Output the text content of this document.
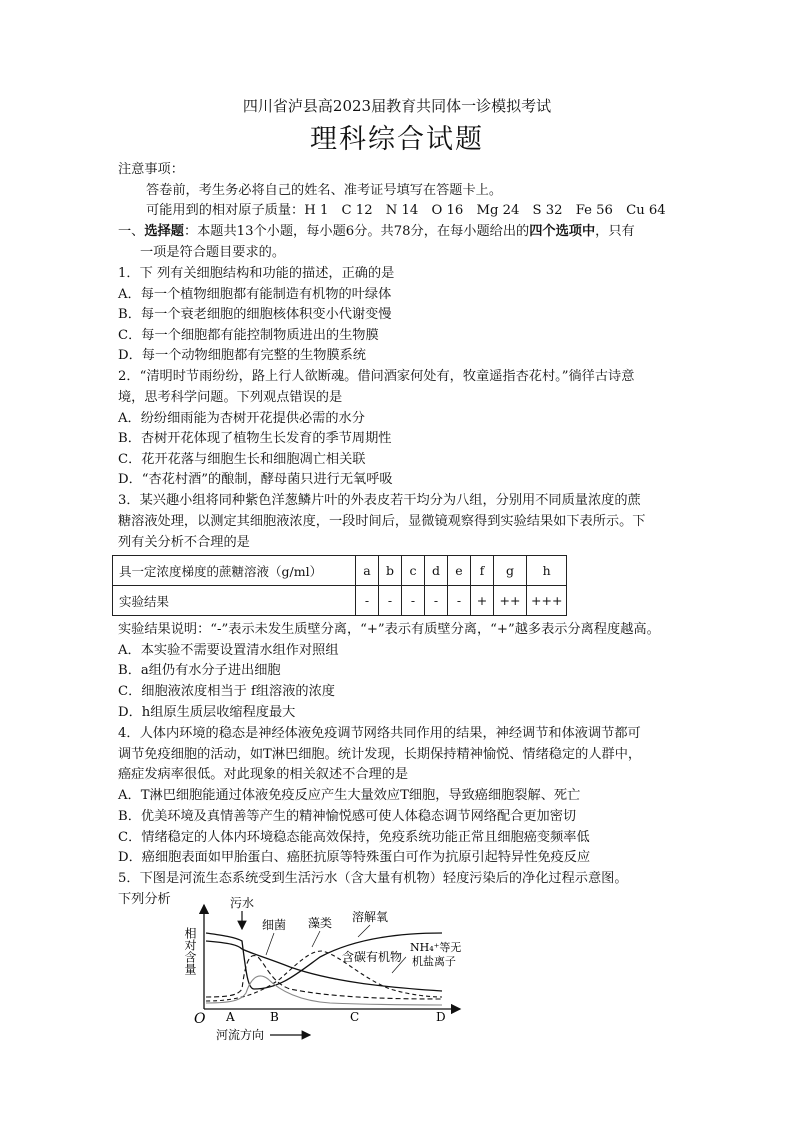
四川省泸县高2023届教育共同体一诊模拟考试
理科综合试题
注意事项：
答卷前，考生务必将自己的姓名、准考证号填写在答题卡上。
可能用到的相对原子质量：H 1　C 12　N 14　O 16　Mg 24　S 32　Fe 56　Cu 64
一、选择题：本题共13个小题，每小题6分。共78分，在每小题给出的四个选项中，只有
一项是符合题目要求的。
1．下 列有关细胞结构和功能的描述，正确的是
A．每一个植物细胞都有能制造有机物的叶绿体
B．每一个衰老细胞的细胞核体积变小代谢变慢
C．每一个细胞都有能控制物质进出的生物膜
D．每一个动物细胞都有完整的生物膜系统
2．“清明时节雨纷纷，路上行人欲断魂。借问酒家何处有，牧童遥指杏花村。”徜徉古诗意
境，思考科学问题。下列观点错误的是
A．纷纷细雨能为杏树开花提供必需的水分
B．杏树开花体现了植物生长发育的季节周期性
C．花开花落与细胞生长和细胞凋亡相关联
D．“杏花村酒”的酿制，酵母菌只进行无氧呼吸
3．某兴趣小组将同种紫色洋葱鳞片叶的外表皮若干均分为八组，分别用不同质量浓度的蔗
糖溶液处理，以测定其细胞液浓度，一段时间后，显微镜观察得到实验结果如下表所示。下
列有关分析不合理的是
具一定浓度梯度的蔗糖溶液（g/ml）	a	b	c	d	e	f	g	h
实验结果	-	-	-	-	-	+	++	+++
实验结果说明：“-”表示未发生质壁分离，“+”表示有质壁分离，“+”越多表示分离程度越高。
A．本实验不需要设置清水组作对照组
B．a组仍有水分子进出细胞
C．细胞液浓度相当于 f组溶液的浓度
D．h组原生质层收缩程度最大
4．人体内环境的稳态是神经体液免疫调节网络共同作用的结果，神经调节和体液调节都可
调节免疫细胞的活动，如T淋巴细胞。统计发现，长期保持精神愉悦、情绪稳定的人群中，
癌症发病率很低。对此现象的相关叙述不合理的是
A．T淋巴细胞能通过体液免疫反应产生大量效应T细胞，导致癌细胞裂解、死亡
B．优美环境及真情善等产生的精神愉悦感可使人体稳态调节网络配合更加密切
C．情绪稳定的人体内环境稳态能高效保持，免疫系统功能正常且细胞癌变频率低
D．癌细胞表面如甲胎蛋白、癌胚抗原等特殊蛋白可作为抗原引起特异性免疫反应
5．下图是河流生态系统受到生活污水（含大量有机物）轻度污染后的净化过程示意图。
下列分析
相对含量
污水
细菌 藻类 溶解氧
含碳有机物
NH₄⁺等无
机盐离子
O A	B	C	D
河流方向
